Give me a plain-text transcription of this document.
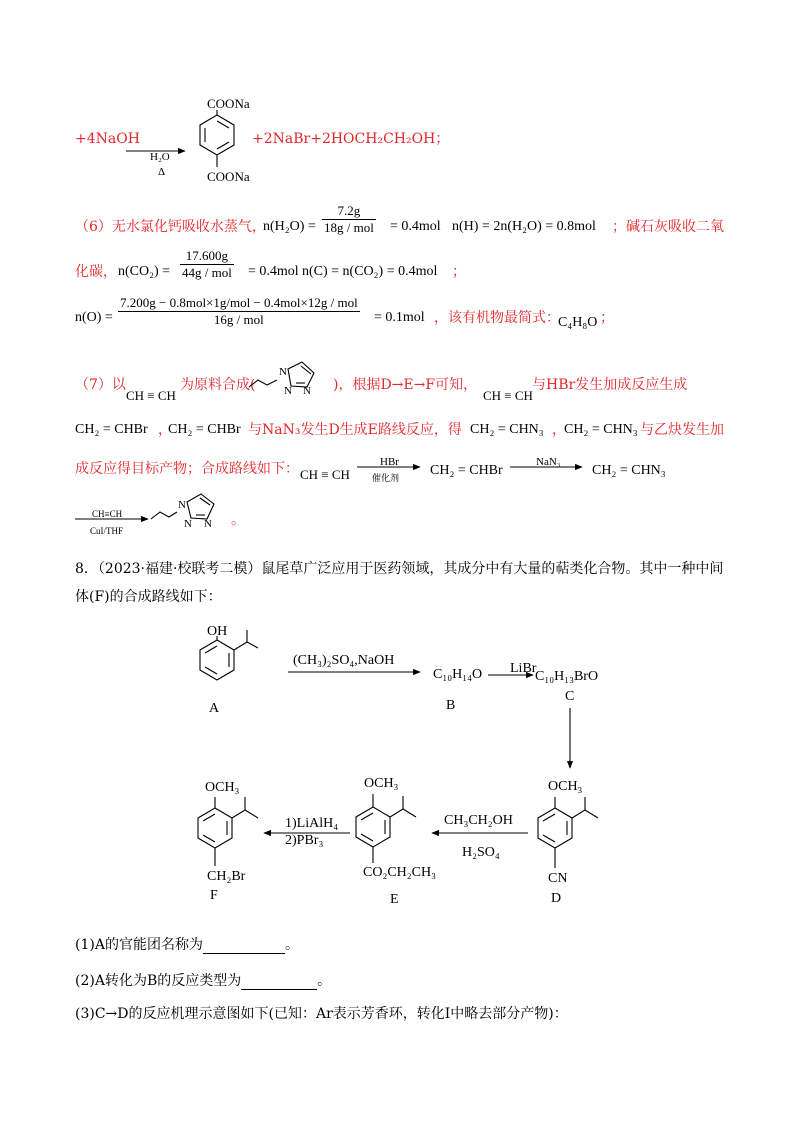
+4NaOH
H₂O
Δ
COONa
COONa
+2NaBr+2HOCH₂CH₂OH；
（6）无水氯化钙吸收水蒸气，
n(H₂O) =
7.2g
18g / mol = 0.4mol n(H) = 2n(H₂O) = 0.8mol ；碱石灰吸收二氧
化碳， n(CO₂) =
17.600g
44g / mol = 0.4mol n(C) = n(CO₂) = 0.4mol ；
n(O) =
7.200g − 0.8mol×1g/mol − 0.4mol×12g / mol
16g / mol	= 0.1mol ，该有机物最简式：
C₄H₈O ；
（7）以
CH ≡ CH
为原料合成(	)，根据D→E→F可知，
CH ≡ CH
与HBr发生加成反应生成
CH₂ = CHBr ，
CH₂ = CHBr 与NaN₃发生D生成E路线反应，得 CH₂ = CHN₃ ，
CH₂ = CHN₃ 与乙炔发生加
成反应得目标产物；合成路线如下： CH ≡ CH
HBr
催化剂
CH₂ = CHBr
NaN₃
CH₂ = CHN₃
CH≡CH
CuI/THF
。
8．（2023·福建·校联考二模）鼠尾草广泛应用于医药领域，其成分中有大量的萜类化合物。其中一种中间
体(F)的合成路线如下：
OH
A
(CH₃)₂SO₄,NaOH
C₁₀H₁₄O
B
LiBr
C₁₀H₁₃BrO
C
OCH₃
CN
D
CH₃CH₂OH
H₂SO₄
OCH₃
CO₂CH₂CH₃
E
1)LiAlH₄
2)PBr₃
OCH₃
CH₂Br
F
(1)A的官能团名称为	。
(2)A转化为B的反应类型为	。
(3)C→D的反应机理示意图如下(已知：Ar表示芳香环，转化Ⅰ中略去部分产物)：
N
N N
N
N N
